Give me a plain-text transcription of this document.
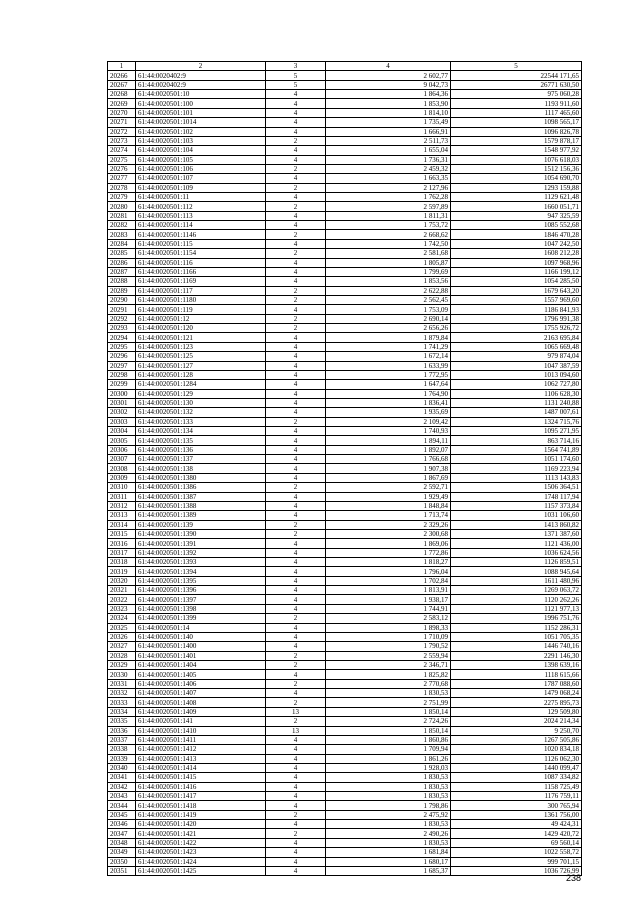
1	2	3	4	5
20266	61:44:0020402:9	5	2 602,77	22544 171,65
20267	61:44:0020402:9	5	9 042,73	26771 630,50
20268	61:44:0020501:10	4	1 864,36	975 060,28
20269	61:44:0020501:100	4	1 853,90	1193 911,60
20270	61:44:0020501:101	4	1 814,10	1117 465,60
20271	61:44:0020501:1014	4	1 735,49	1098 565,17
20272	61:44:0020501:102	4	1 666,91	1096 826,78
20273	61:44:0020501:103	2	2 511,73	1579 878,17
20274	61:44:0020501:104	4	1 655,04	1548 977,92
20275	61:44:0020501:105	4	1 736,31	1076 618,03
20276	61:44:0020501:106	2	2 459,32	1512 156,36
20277	61:44:0020501:107	4	1 663,35	1054 690,70
20278	61:44:0020501:109	2	2 127,96	1293 159,88
20279	61:44:0020501:11	4	1 762,28	1129 621,48
20280	61:44:0020501:112	2	2 597,89	1660 051,71
20281	61:44:0020501:113	4	1 811,31	947 325,59
20282	61:44:0020501:114	4	1 753,72	1085 552,68
20283	61:44:0020501:1146	2	2 668,62	1846 470,28
20284	61:44:0020501:115	4	1 742,50	1047 242,50
20285	61:44:0020501:1154	2	2 581,68	1608 212,28
20286	61:44:0020501:116	4	1 805,87	1097 968,96
20287	61:44:0020501:1166	4	1 799,69	1166 199,12
20288	61:44:0020501:1169	4	1 853,56	1054 285,50
20289	61:44:0020501:117	2	2 622,88	1679 643,20
20290	61:44:0020501:1180	2	2 562,45	1557 969,60
20291	61:44:0020501:119	4	1 753,09	1186 841,93
20292	61:44:0020501:12	2	2 690,14	1796 991,38
20293	61:44:0020501:120	2	2 656,26	1755 926,72
20294	61:44:0020501:121	4	1 879,84	2163 695,84
20295	61:44:0020501:123	4	1 741,29	1065 669,48
20296	61:44:0020501:125	4	1 672,14	979 874,04
20297	61:44:0020501:127	4	1 633,99	1047 387,59
20298	61:44:0020501:128	4	1 772,95	1013 094,60
20299	61:44:0020501:1284	4	1 647,64	1062 727,80
20300	61:44:0020501:129	4	1 764,90	1106 628,30
20301	61:44:0020501:130	4	1 836,41	1131 240,88
20302	61:44:0020501:132	4	1 935,69	1487 007,61
20303	61:44:0020501:133	2	2 109,42	1324 715,76
20304	61:44:0020501:134	4	1 740,93	1095 271,95
20305	61:44:0020501:135	4	1 894,11	863 714,16
20306	61:44:0020501:136	4	1 892,07	1564 741,89
20307	61:44:0020501:137	4	1 766,68	1051 174,60
20308	61:44:0020501:138	4	1 907,38	1169 223,94
20309	61:44:0020501:1380	4	1 867,69	1113 143,83
20310	61:44:0020501:1386	2	2 592,71	1506 364,51
20311	61:44:0020501:1387	4	1 929,49	1748 117,94
20312	61:44:0020501:1388	4	1 848,84	1157 373,84
20313	61:44:0020501:1389	4	1 713,74	1031 106,60
20314	61:44:0020501:139	2	2 329,26	1413 860,82
20315	61:44:0020501:1390	2	2 300,68	1371 387,60
20316	61:44:0020501:1391	4	1 869,06	1121 436,00
20317	61:44:0020501:1392	4	1 772,86	1036 624,56
20318	61:44:0020501:1393	4	1 818,27	1126 859,51
20319	61:44:0020501:1394	4	1 796,04	1088 945,64
20320	61:44:0020501:1395	4	1 702,84	1611 480,96
20321	61:44:0020501:1396	4	1 813,91	1269 063,72
20322	61:44:0020501:1397	4	1 938,17	1120 262,26
20323	61:44:0020501:1398	4	1 744,91	1121 977,13
20324	61:44:0020501:1399	2	2 583,12	1996 751,76
20325	61:44:0020501:14	4	1 898,33	1152 286,31
20326	61:44:0020501:140	4	1 710,09	1051 705,35
20327	61:44:0020501:1400	4	1 790,52	1446 740,16
20328	61:44:0020501:1401	2	2 559,94	2291 146,30
20329	61:44:0020501:1404	2	2 346,71	1398 639,16
20330	61:44:0020501:1405	4	1 825,82	1118 615,66
20331	61:44:0020501:1406	2	2 770,68	1787 088,60
20332	61:44:0020501:1407	4	1 830,53	1479 068,24
20333	61:44:0020501:1408	2	2 751,99	2275 895,73
20334	61:44:0020501:1409	13	1 850,14	129 509,80
20335	61:44:0020501:141	2	2 724,26	2024 214,34
20336	61:44:0020501:1410	13	1 850,14	9 250,70
20337	61:44:0020501:1411	4	1 860,86	1267 505,86
20338	61:44:0020501:1412	4	1 709,94	1020 834,18
20339	61:44:0020501:1413	4	1 861,26	1126 062,30
20340	61:44:0020501:1414	4	1 928,03	1440 099,47
20341	61:44:0020501:1415	4	1 830,53	1087 334,82
20342	61:44:0020501:1416	4	1 830,53	1158 725,49
20343	61:44:0020501:1417	4	1 830,53	1176 759,11
20344	61:44:0020501:1418	4	1 798,86	300 765,94
20345	61:44:0020501:1419	2	2 475,92	1361 756,00
20346	61:44:0020501:1420	4	1 830,53	49 424,31
20347	61:44:0020501:1421	2	2 490,26	1429 420,72
20348	61:44:0020501:1422	4	1 830,53	69 560,14
20349	61:44:0020501:1423	4	1 681,84	1022 558,72
20350	61:44:0020501:1424	4	1 680,17	999 701,15
20351	61:44:0020501:1425	4	1 685,37	1036 726,99
238
